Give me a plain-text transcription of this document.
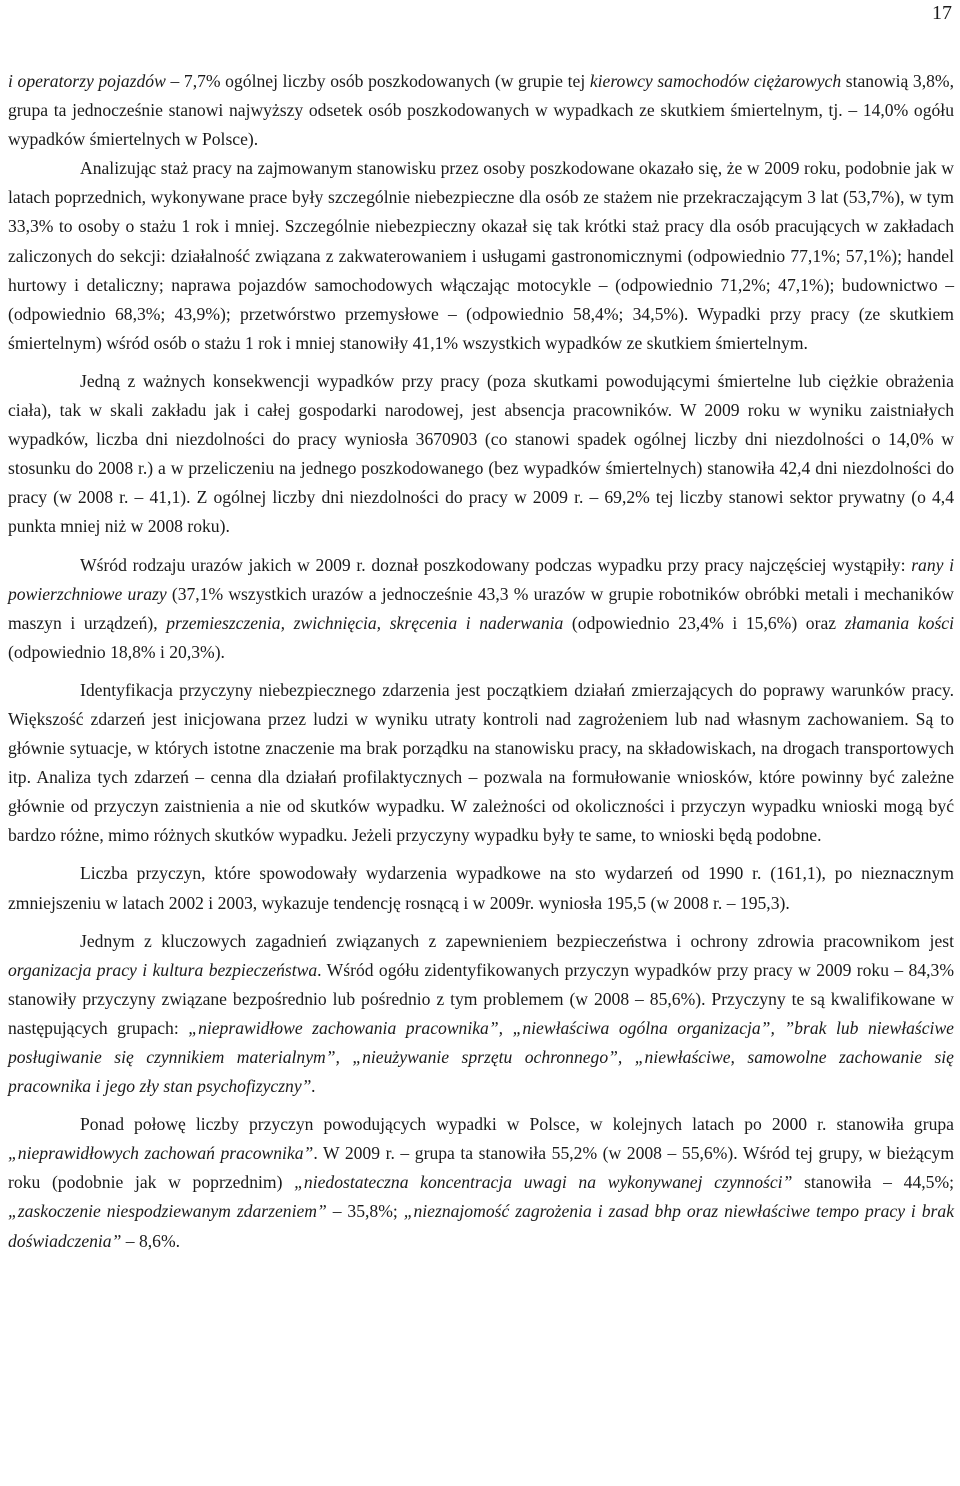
17

i operatorzy pojazdów – 7,7% ogólnej liczby osób poszkodowanych (w grupie tej kierowcy samochodów ciężarowych stanowią 3,8%, grupa ta jednocześnie stanowi najwyższy odsetek osób poszkodowanych w wypadkach ze skutkiem śmiertelnym, tj. – 14,0% ogółu wypadków śmiertelnych w Polsce).

Analizując staż pracy na zajmowanym stanowisku przez osoby poszkodowane okazało się, że w 2009 roku, podobnie jak w latach poprzednich, wykonywane prace były szczególnie niebezpieczne dla osób ze stażem nie przekraczającym 3 lat (53,7%), w tym 33,3% to osoby o stażu 1 rok i mniej. Szczególnie niebezpieczny okazał się tak krótki staż pracy dla osób pracujących w zakładach zaliczonych do sekcji: działalność związana z zakwaterowaniem i usługami gastronomicznymi (odpowiednio 77,1%; 57,1%); handel hurtowy i detaliczny; naprawa pojazdów samochodowych włączając motocykle – (odpowiednio 71,2%; 47,1%); budownictwo – (odpowiednio 68,3%; 43,9%); przetwórstwo przemysłowe – (odpowiednio 58,4%; 34,5%). Wypadki przy pracy (ze skutkiem śmiertelnym) wśród osób o stażu 1 rok i mniej stanowiły 41,1% wszystkich wypadków ze skutkiem śmiertelnym.

Jedną z ważnych konsekwencji wypadków przy pracy (poza skutkami powodującymi śmiertelne lub ciężkie obrażenia ciała), tak w skali zakładu jak i całej gospodarki narodowej, jest absencja pracowników. W 2009 roku w wyniku zaistniałych wypadków, liczba dni niezdolności do pracy wyniosła 3670903 (co stanowi spadek ogólnej liczby dni niezdolności o 14,0% w stosunku do 2008 r.) a w przeliczeniu na jednego poszkodowanego (bez wypadków śmiertelnych) stanowiła 42,4 dni niezdolności do pracy (w 2008 r. – 41,1). Z ogólnej liczby dni niezdolności do pracy w 2009 r. – 69,2% tej liczby stanowi sektor prywatny (o 4,4 punkta mniej niż w 2008 roku).

Wśród rodzaju urazów jakich w 2009 r. doznał poszkodowany podczas wypadku przy pracy najczęściej wystąpiły: rany i powierzchniowe urazy (37,1% wszystkich urazów a jednocześnie 43,3 % urazów w grupie robotników obróbki metali i mechaników maszyn i urządzeń), przemieszczenia, zwichnięcia, skręcenia i naderwania (odpowiednio 23,4% i 15,6%) oraz złamania kości (odpowiednio 18,8% i 20,3%).

Identyfikacja przyczyny niebezpiecznego zdarzenia jest początkiem działań zmierzających do poprawy warunków pracy. Większość zdarzeń jest inicjowana przez ludzi w wyniku utraty kontroli nad zagrożeniem lub nad własnym zachowaniem. Są to głównie sytuacje, w których istotne znaczenie ma brak porządku na stanowisku pracy, na składowiskach, na drogach transportowych itp. Analiza tych zdarzeń – cenna dla działań profilaktycznych – pozwala na formułowanie wniosków, które powinny być zależne głównie od przyczyn zaistnienia a nie od skutków wypadku. W zależności od okoliczności i przyczyn wypadku wnioski mogą być bardzo różne, mimo różnych skutków wypadku. Jeżeli przyczyny wypadku były te same, to wnioski będą podobne.

Liczba przyczyn, które spowodowały wydarzenia wypadkowe na sto wydarzeń od 1990 r. (161,1), po nieznacznym zmniejszeniu w latach 2002 i 2003, wykazuje tendencję rosnącą i w 2009r. wyniosła 195,5 (w 2008 r. – 195,3).

Jednym z kluczowych zagadnień związanych z zapewnieniem bezpieczeństwa i ochrony zdrowia pracownikom jest organizacja pracy i kultura bezpieczeństwa. Wśród ogółu zidentyfikowanych przyczyn wypadków przy pracy w 2009 roku – 84,3% stanowiły przyczyny związane bezpośrednio lub pośrednio z tym problemem (w 2008 – 85,6%). Przyczyny te są kwalifikowane w następujących grupach: „nieprawidłowe zachowania pracownika”, „niewłaściwa ogólna organizacja”, ”brak lub niewłaściwe posługiwanie się czynnikiem materialnym”, „nieużywanie sprzętu ochronnego”, „niewłaściwe, samowolne zachowanie się pracownika i jego zły stan psychofizyczny”.

Ponad połowę liczby przyczyn powodujących wypadki w Polsce, w kolejnych latach po 2000 r. stanowiła grupa „nieprawidłowych zachowań pracownika”. W 2009 r. – grupa ta stanowiła 55,2% (w 2008 – 55,6%). Wśród tej grupy, w bieżącym roku (podobnie jak w poprzednim) „niedostateczna koncentracja uwagi na wykonywanej czynności” stanowiła – 44,5%; „zaskoczenie niespodziewanym zdarzeniem” – 35,8%; „nieznajomość zagrożenia i zasad bhp oraz niewłaściwe tempo pracy i brak doświadczenia” – 8,6%.
